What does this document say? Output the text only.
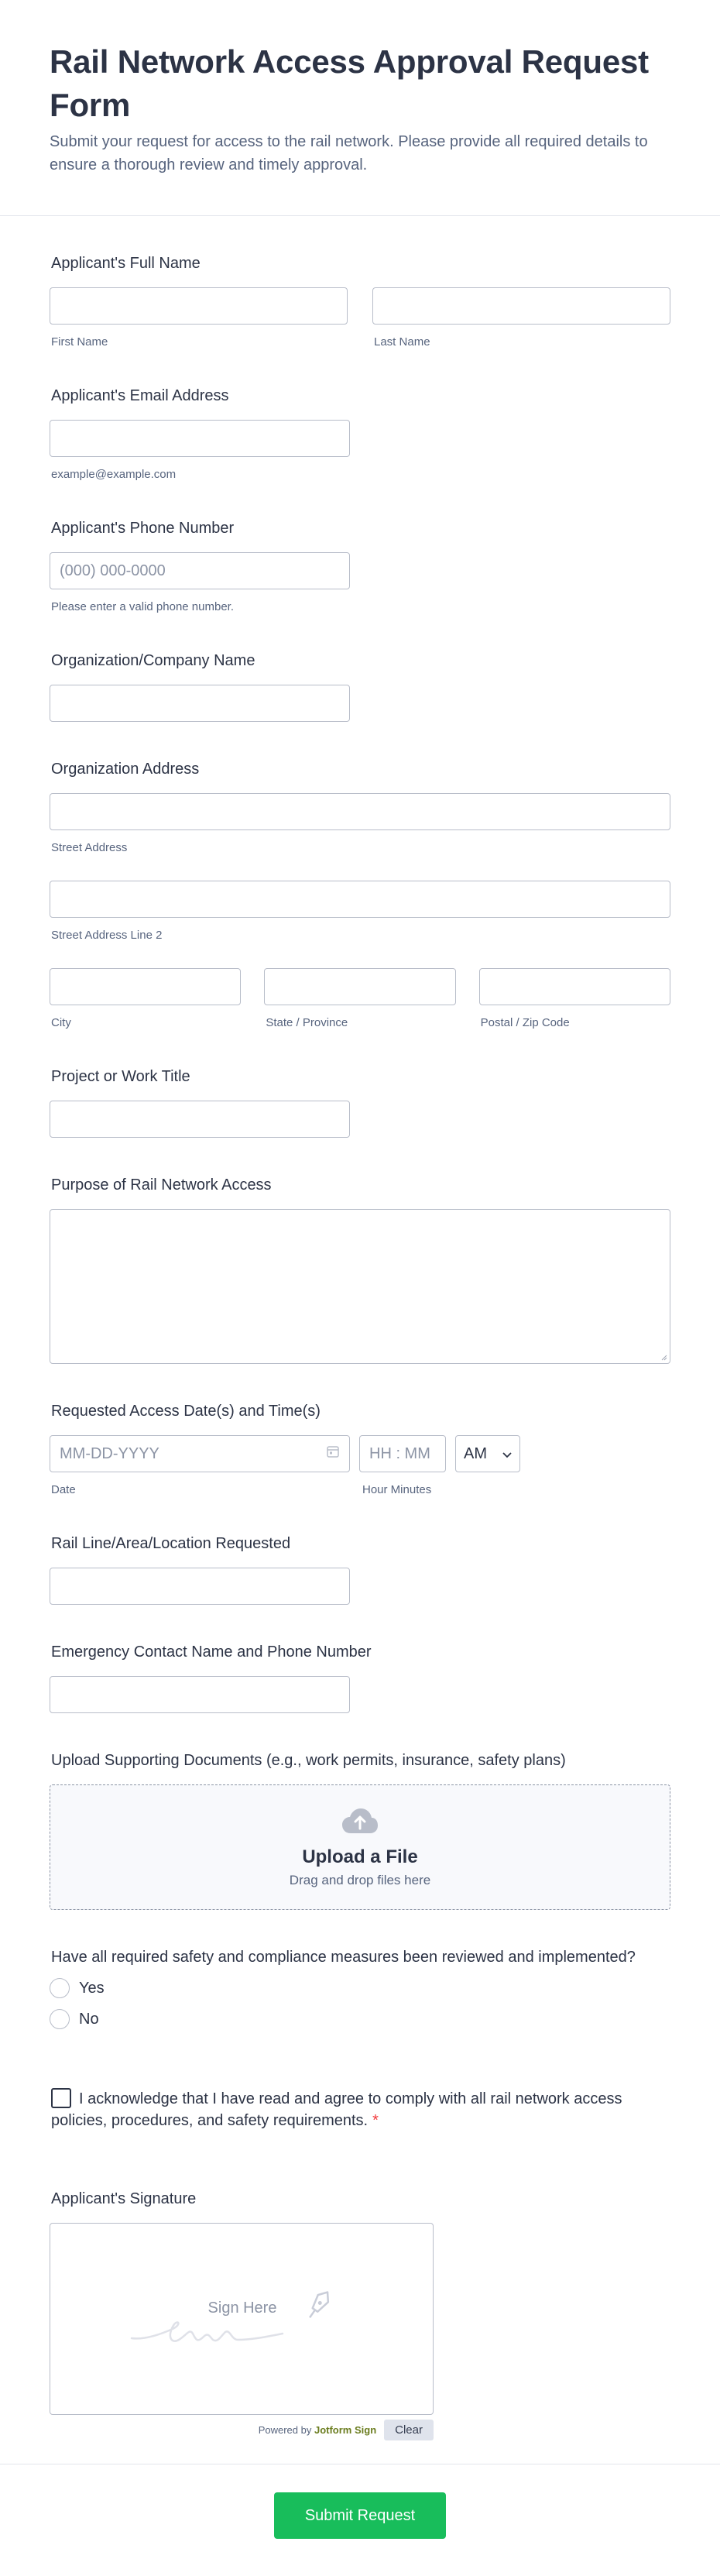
Rail Network Access Approval Request Form

Submit your request for access to the rail network. Please provide all required details to ensure a thorough review and timely approval.

Applicant's Full Name
First Name	Last Name
Applicant's Email Address
example@example.com
Applicant's Phone Number
(000) 000-0000
Please enter a valid phone number.
Organization/Company Name
Organization Address
Street Address
Street Address Line 2
City	State / Province	Postal / Zip Code
Project or Work Title
Purpose of Rail Network Access
Requested Access Date(s) and Time(s)
MM-DD-YYYY	HH : MM AM
Date	Hour Minutes
Rail Line/Area/Location Requested
Emergency Contact Name and Phone Number
Upload Supporting Documents (e.g., work permits, insurance, safety plans)
Upload a File
Drag and drop files here
Have all required safety and compliance measures been reviewed and implemented?
Yes
No
I acknowledge that I have read and agree to comply with all rail network access policies, procedures, and safety requirements. *
Applicant's Signature
Sign Here
Powered by Jotform Sign	Clear
Submit Request
